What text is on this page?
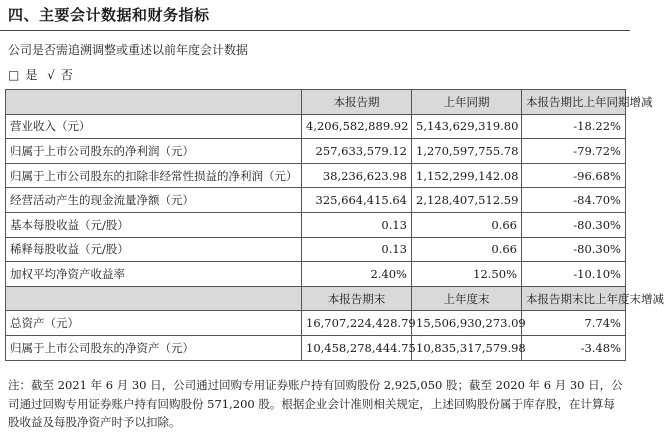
四、主要会计数据和财务指标
公司是否需追溯调整或重述以前年度会计数据
□ 是 √ 否
	本报告期	上年同期	本报告期比上年同期增减
营业收入（元）	4,206,582,889.92	5,143,629,319.80	-18.22%
归属于上市公司股东的净利润（元）	257,633,579.12	1,270,597,755.78	-79.72%
归属于上市公司股东的扣除非经常性损益的净利润（元）	38,236,623.98	1,152,299,142.08	-96.68%
经营活动产生的现金流量净额（元）	325,664,415.64	2,128,407,512.59	-84.70%
基本每股收益（元/股）	0.13	0.66	-80.30%
稀释每股收益（元/股）	0.13	0.66	-80.30%
加权平均净资产收益率	2.40%	12.50%	-10.10%
	本报告期末	上年度末	本报告期末比上年度末增减
总资产（元）	16,707,224,428.79	15,506,930,273.09	7.74%
归属于上市公司股东的净资产（元）	10,458,278,444.75	10,835,317,579.98	-3.48%
注：截至 2021 年 6 月 30 日，公司通过回购专用证券账户持有回购股份 2,925,050 股；截至 2020 年 6 月 30 日，公司通过回购专用证券账户持有回购股份 571,200 股。根据企业会计准则相关规定，上述回购股份属于库存股，在计算每股收益及每股净资产时予以扣除。
